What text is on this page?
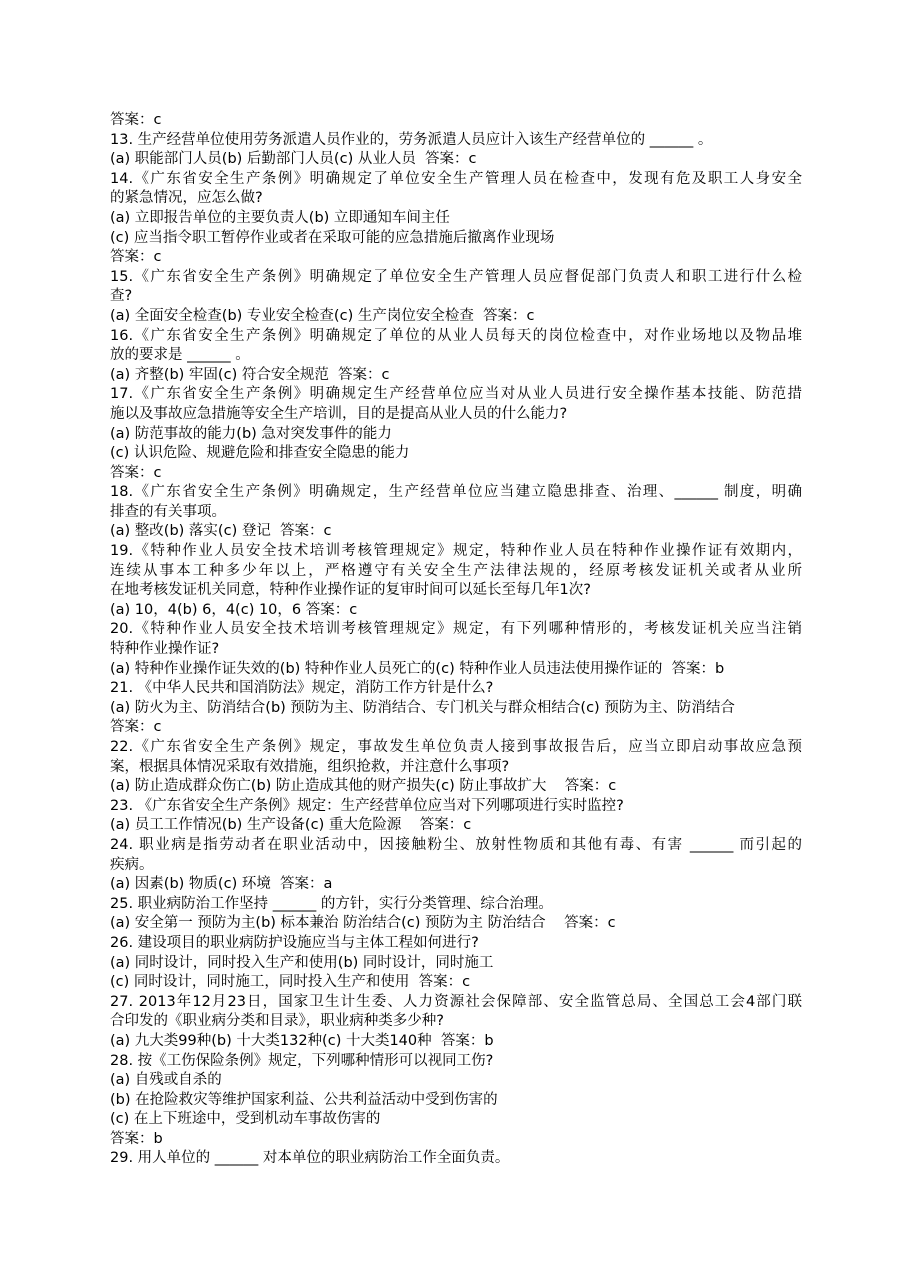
答案：c
13. 生产经营单位使用劳务派遣人员作业的，劳务派遣人员应计入该生产经营单位的 ______ 。
(a) 职能部门人员(b) 后勤部门人员(c) 从业人员  答案：c
14.《广东省安全生产条例》明确规定了单位安全生产管理人员在检查中，发现有危及职工人身安全
的紧急情况，应怎么做?
(a) 立即报告单位的主要负责人(b) 立即通知车间主任
(c) 应当指令职工暂停作业或者在采取可能的应急措施后撤离作业现场
答案：c
15.《广东省安全生产条例》明确规定了单位安全生产管理人员应督促部门负责人和职工进行什么检
查?
(a) 全面安全检查(b) 专业安全检查(c) 生产岗位安全检查  答案：c
16.《广东省安全生产条例》明确规定了单位的从业人员每天的岗位检查中，对作业场地以及物品堆
放的要求是 ______ 。
(a) 齐整(b) 牢固(c) 符合安全规范  答案：c
17.《广东省安全生产条例》明确规定生产经营单位应当对从业人员进行安全操作基本技能、防范措
施以及事故应急措施等安全生产培训，目的是提高从业人员的什么能力?
(a) 防范事故的能力(b) 急对突发事件的能力
(c) 认识危险、规避危险和排查安全隐患的能力
答案：c
18.《广东省安全生产条例》明确规定，生产经营单位应当建立隐患排查、治理、______ 制度，明确
排查的有关事项。
(a) 整改(b) 落实(c) 登记  答案：c
19.《特种作业人员安全技术培训考核管理规定》规定，特种作业人员在特种作业操作证有效期内，
连续从事本工种多少年以上，严格遵守有关安全生产法律法规的，经原考核发证机关或者从业所
在地考核发证机关同意，特种作业操作证的复审时间可以延长至每几年1次?
(a) 10，4(b) 6，4(c) 10，6 答案：c
20.《特种作业人员安全技术培训考核管理规定》规定，有下列哪种情形的，考核发证机关应当注销
特种作业操作证?
(a) 特种作业操作证失效的(b) 特种作业人员死亡的(c) 特种作业人员违法使用操作证的  答案：b
21. 《中华人民共和国消防法》规定，消防工作方针是什么?
(a) 防火为主、防消结合(b) 预防为主、防消结合、专门机关与群众相结合(c) 预防为主、防消结合
答案：c
22.《广东省安全生产条例》规定，事故发生单位负责人接到事故报告后，应当立即启动事故应急预
案，根据具体情况采取有效措施，组织抢救，并注意什么事项?
(a) 防止造成群众伤亡(b) 防止造成其他的财产损失(c) 防止事故扩大    答案：c
23. 《广东省安全生产条例》规定：生产经营单位应当对下列哪项进行实时监控?
(a) 员工工作情况(b) 生产设备(c) 重大危险源    答案：c
24. 职业病是指劳动者在职业活动中，因接触粉尘、放射性物质和其他有毒、有害 ______ 而引起的
疾病。
(a) 因素(b) 物质(c) 环境  答案：a
25. 职业病防治工作坚持 ______ 的方针，实行分类管理、综合治理。
(a) 安全第一 预防为主(b) 标本兼治 防治结合(c) 预防为主 防治结合    答案：c
26. 建设项目的职业病防护设施应当与主体工程如何进行?
(a) 同时设计，同时投入生产和使用(b) 同时设计，同时施工
(c) 同时设计，同时施工，同时投入生产和使用  答案：c
27. 2013年12月23日，国家卫生计生委、人力资源社会保障部、安全监管总局、全国总工会4部门联
合印发的《职业病分类和目录》，职业病种类多少种?
(a) 九大类99种(b) 十大类132种(c) 十大类140种  答案：b
28. 按《工伤保险条例》规定，下列哪种情形可以视同工伤?
(a) 自残或自杀的
(b) 在抢险救灾等维护国家利益、公共利益活动中受到伤害的
(c) 在上下班途中，受到机动车事故伤害的
答案：b
29. 用人单位的 ______ 对本单位的职业病防治工作全面负责。
